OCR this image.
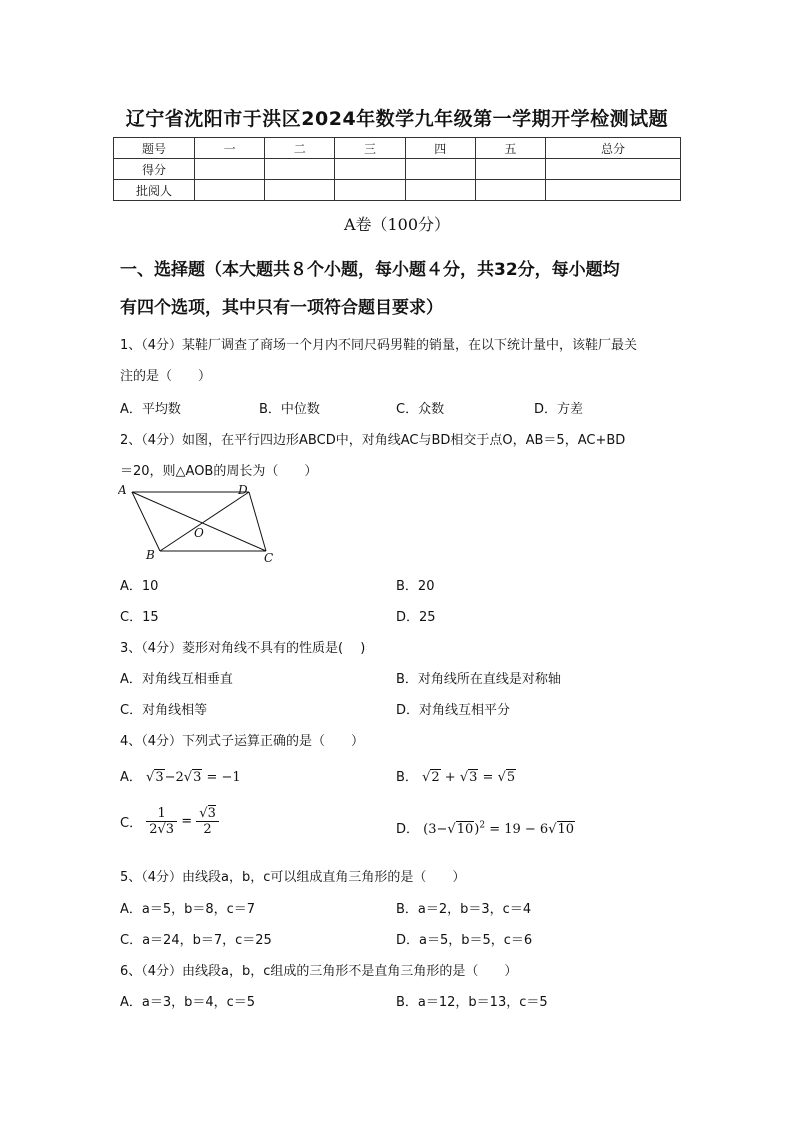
辽宁省沈阳市于洪区2024年数学九年级第一学期开学检测试题
题号	一	二	三	四	五	总分
得分						
批阅人						
A卷（100分）
一、选择题（本大题共８个小题，每小题４分，共32分，每小题均
有四个选项，其中只有一项符合题目要求）
1、（4分）某鞋厂调查了商场一个月内不同尺码男鞋的销量，在以下统计量中，该鞋厂最关
注的是（　　）
A．平均数	B．中位数	C．众数	D．方差
2、（4分）如图，在平行四边形ABCD中，对角线AC与BD相交于点O，AB＝5，AC+BD
＝20，则△AOB的周长为（　　）
A	D
O
B	C
A．10	B．20
C．15	D．25
3、（4分）菱形对角线不具有的性质是(　 )
A．对角线互相垂直	B．对角线所在直线是对称轴
C．对角线相等	D．对角线互相平分
4、（4分）下列式子运算正确的是（　　）
A． √3−2√3 = −1	B． √2 + √3 = √5
C． $\frac{1}{2√3} = \frac{√3}{2}$	D． $(3-√10)^2 = 19 - 6√10$
5、（4分）由线段a，b，c可以组成直角三角形的是（　　）
A．a＝5，b＝8，c＝7	B．a＝2，b＝3，c＝4
C．a＝24，b＝7，c＝25	D．a＝5，b＝5，c＝6
6、（4分）由线段a，b，c组成的三角形不是直角三角形的是（　　）
A．a＝3，b＝4，c＝5	B．a＝12，b＝13，c＝5
